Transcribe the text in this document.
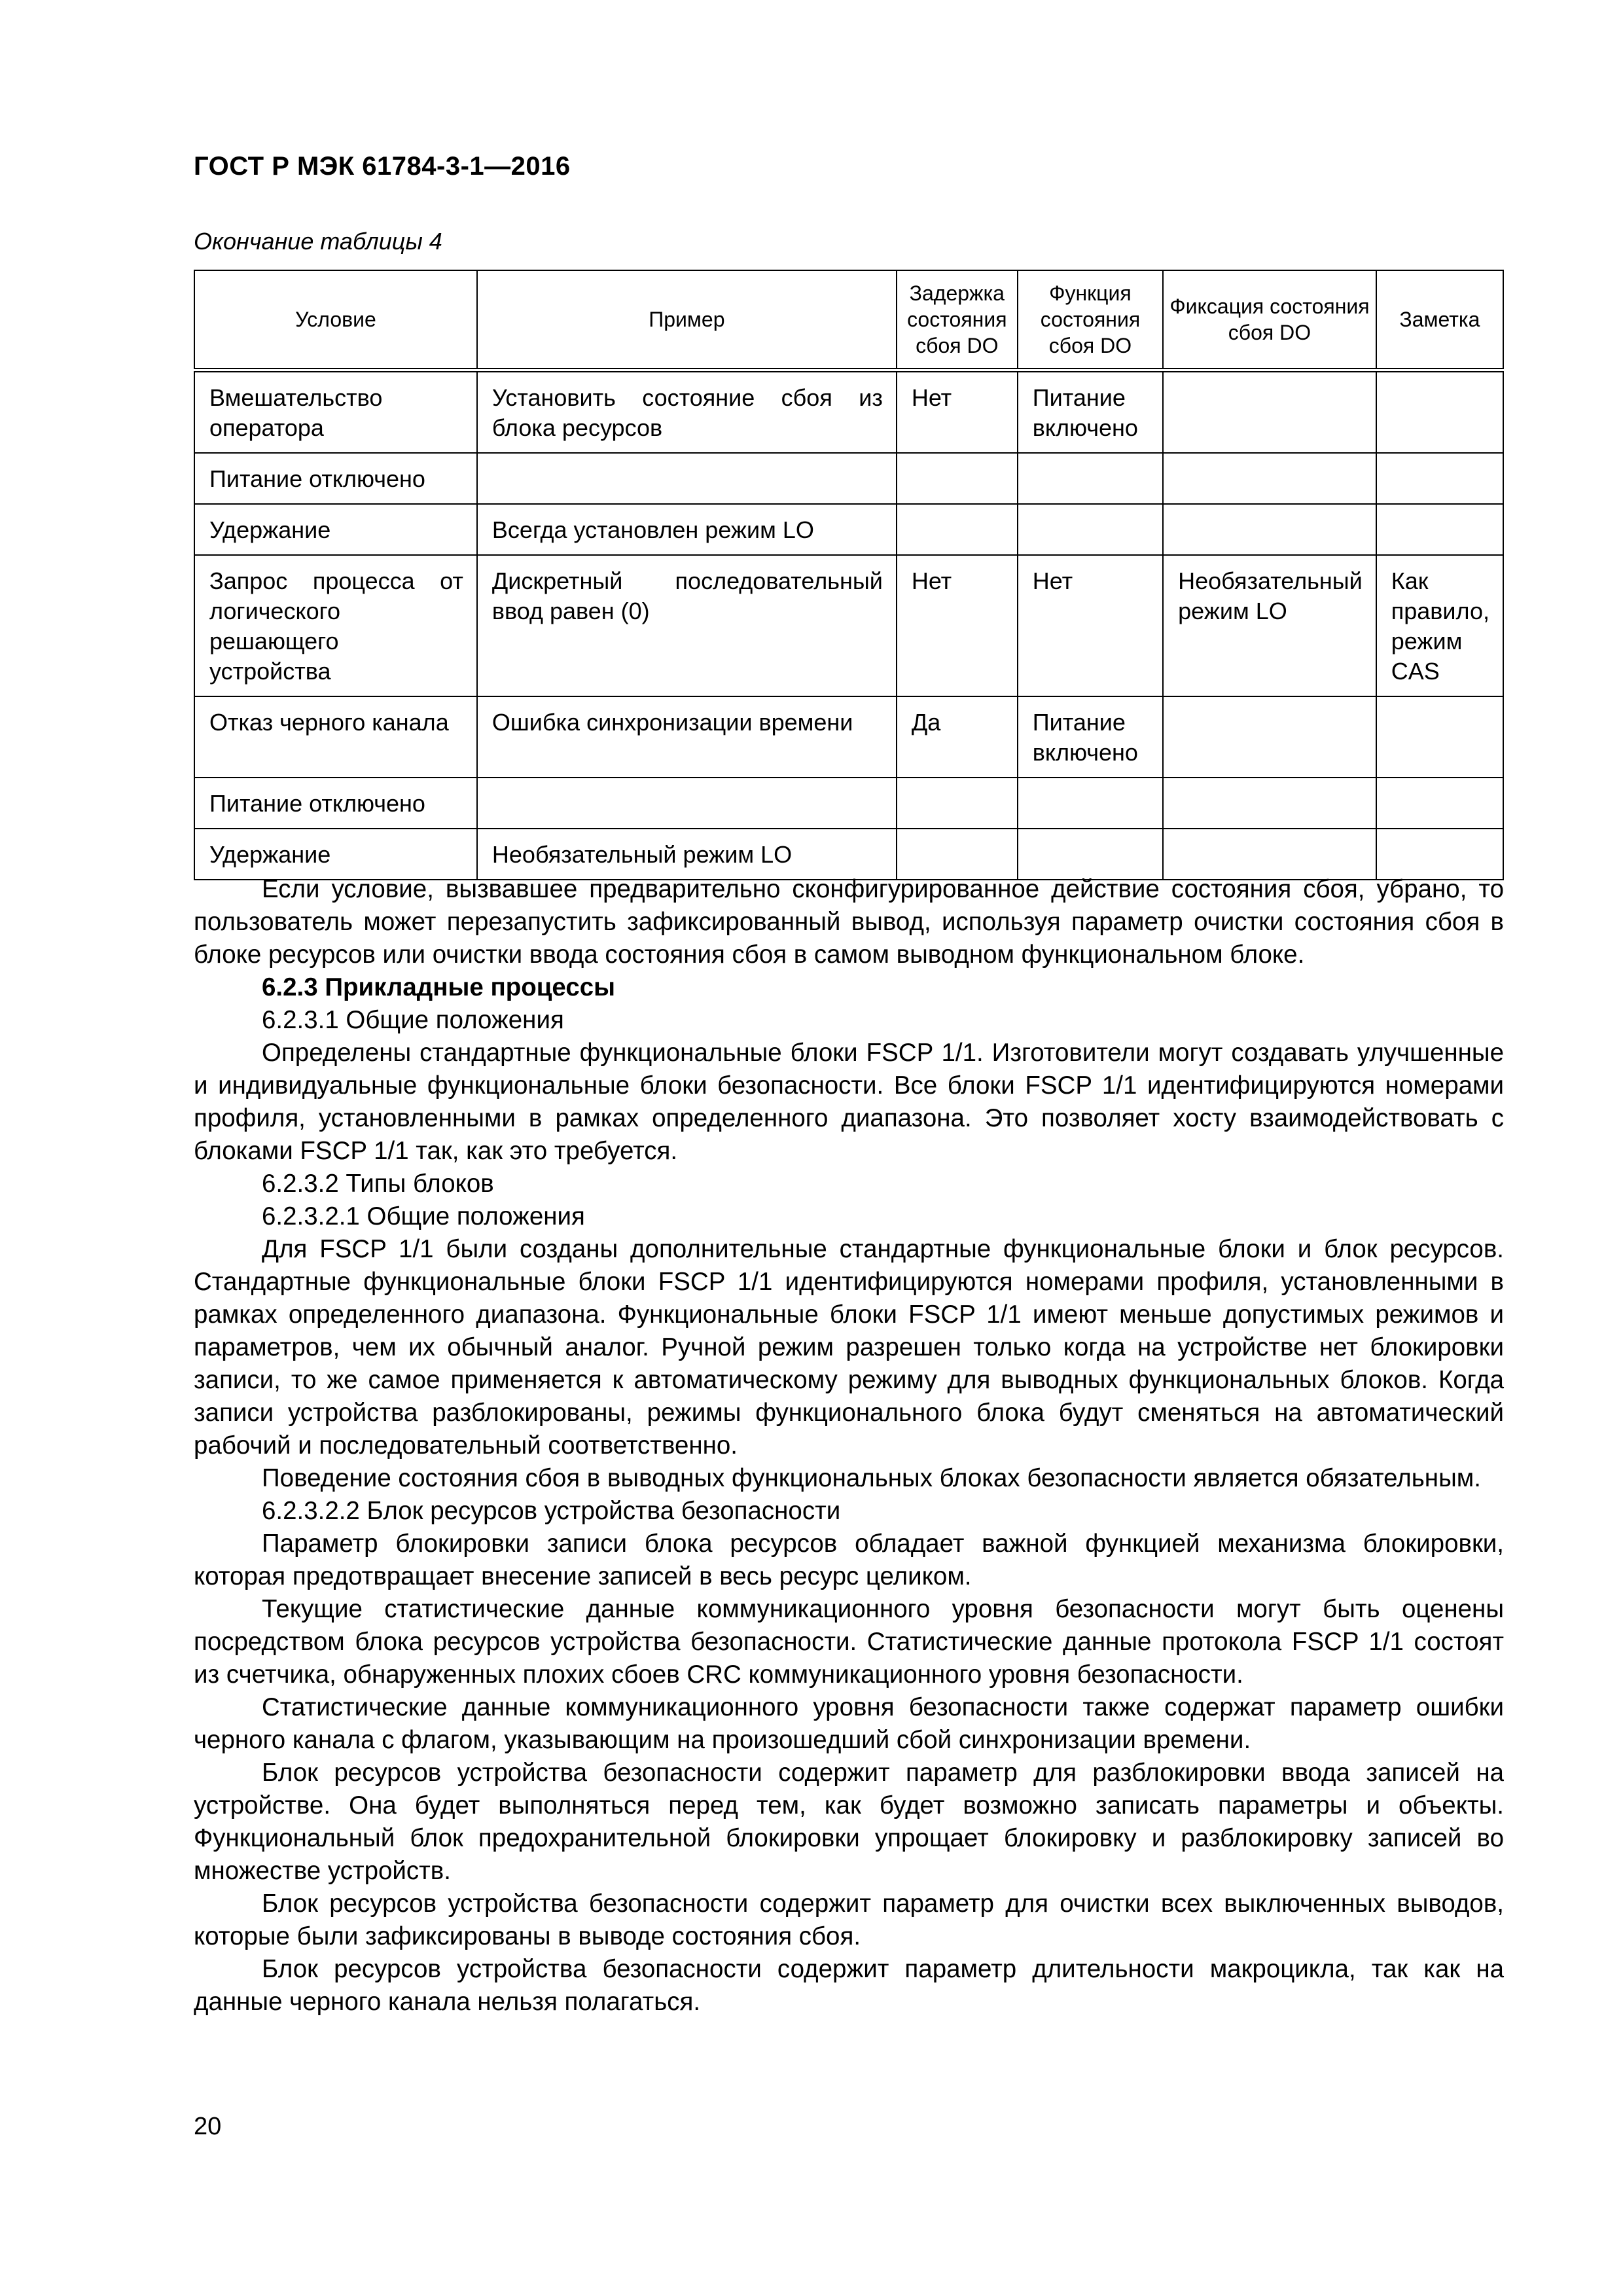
ГОСТ Р МЭК 61784-3-1—2016
Окончание таблицы 4
Условие	Пример	Задержка состояния сбоя DO	Функция состояния сбоя DO	Фиксация состояния сбоя DO	Заметка
Вмешательство оператора	Установить состояние сбоя из блока ресурсов	Нет	Питание включено		
Питание отключено					
Удержание	Всегда установлен режим LO				
Запрос процесса от логического решающего устройства	Дискретный последовательный ввод равен (0)	Нет	Нет	Необязательный режим LO	Как правило, режим CAS
Отказ черного канала	Ошибка синхронизации времени	Да	Питание включено		
Питание отключено					
Удержание	Необязательный режим LO				

Если условие, вызвавшее предварительно сконфигурированное действие состояния сбоя, убрано, то пользователь может перезапустить зафиксированный вывод, используя параметр очистки состояния сбоя в блоке ресурсов или очистки ввода состояния сбоя в самом выводном функциональном блоке.

6.2.3 Прикладные процессы

6.2.3.1 Общие положения

Определены стандартные функциональные блоки FSCP 1/1. Изготовители могут создавать улучшенные и индивидуальные функциональные блоки безопасности. Все блоки FSCP 1/1 идентифицируются номерами профиля, установленными в рамках определенного диапазона. Это позволяет хосту взаимодействовать с блоками FSCP 1/1 так, как это требуется.

6.2.3.2 Типы блоков

6.2.3.2.1 Общие положения

Для FSCP 1/1 были созданы дополнительные стандартные функциональные блоки и блок ресурсов. Стандартные функциональные блоки FSCP 1/1 идентифицируются номерами профиля, установленными в рамках определенного диапазона. Функциональные блоки FSCP 1/1 имеют меньше допустимых режимов и параметров, чем их обычный аналог. Ручной режим разрешен только когда на устройстве нет блокировки записи, то же самое применяется к автоматическому режиму для выводных функциональных блоков. Когда записи устройства разблокированы, режимы функционального блока будут сменяться на автоматический рабочий и последовательный соответственно.

Поведение состояния сбоя в выводных функциональных блоках безопасности является обязательным.

6.2.3.2.2 Блок ресурсов устройства безопасности

Параметр блокировки записи блока ресурсов обладает важной функцией механизма блокировки, которая предотвращает внесение записей в весь ресурс целиком.

Текущие статистические данные коммуникационного уровня безопасности могут быть оценены посредством блока ресурсов устройства безопасности. Статистические данные протокола FSCP 1/1 состоят из счетчика, обнаруженных плохих сбоев CRC коммуникационного уровня безопасности.

Статистические данные коммуникационного уровня безопасности также содержат параметр ошибки черного канала с флагом, указывающим на произошедший сбой синхронизации времени.

Блок ресурсов устройства безопасности содержит параметр для разблокировки ввода записей на устройстве. Она будет выполняться перед тем, как будет возможно записать параметры и объекты. Функциональный блок предохранительной блокировки упрощает блокировку и разблокировку записей во множестве устройств.

Блок ресурсов устройства безопасности содержит параметр для очистки всех выключенных выводов, которые были зафиксированы в выводе состояния сбоя.

Блок ресурсов устройства безопасности содержит параметр длительности макроцикла, так как на данные черного канала нельзя полагаться.

20
